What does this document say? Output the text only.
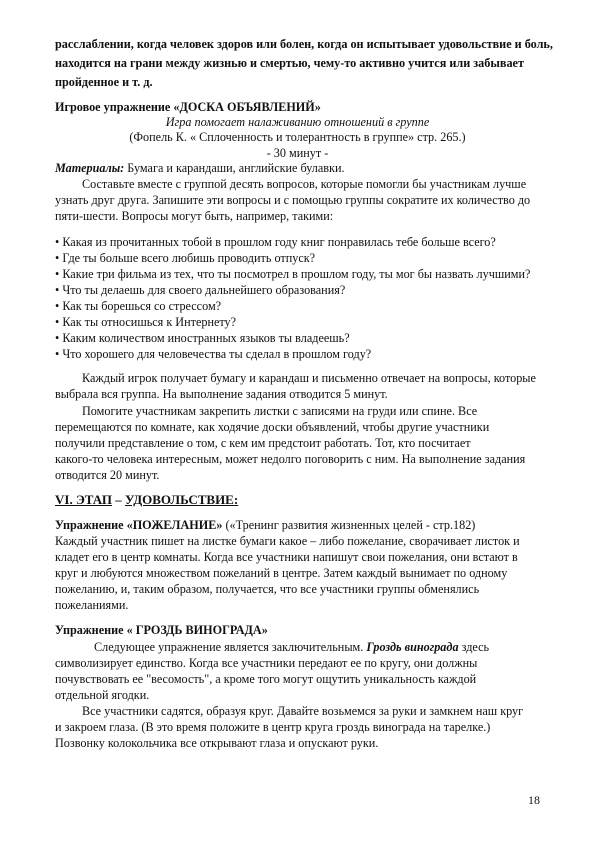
расслаблении, когда человек здоров или болен, когда он испытывает удовольствие и боль,
находится на грани между жизнью и смертью, чему-то активно учится или забывает
пройденное и т. д.
Игровое упражнение «ДОСКА ОБЪЯВЛЕНИЙ»
Игра помогает налаживанию отношений в группе
(Фопель К. « Сплоченность и толерантность в группе» стр. 265.)
- 30 минут -
Материалы: Бумага и карандаши, английские булавки.
Составьте вместе с группой десять вопросов, которые помогли бы участникам лучше
узнать друг друга. Запишите эти вопросы и с помощью группы сократите их количество до
пяти-шести. Вопросы могут быть, например, такими:
• Какая из прочитанных тобой в прошлом году книг понравилась тебе больше всего?
• Где ты больше всего любишь проводить отпуск?
• Какие три фильма из тех, что ты посмотрел в прошлом году, ты мог бы назвать лучшими?
• Что ты делаешь для своего дальнейшего образования?
• Как ты борешься со стрессом?
• Как ты относишься к Интернету?
• Каким количеством иностранных языков ты владеешь?
• Что хорошего для человечества ты сделал в прошлом году?
Каждый игрок получает бумагу и карандаш и письменно отвечает на вопросы, которые
выбрала вся группа. На выполнение задания отводится 5 минут.
Помогите участникам закрепить листки с записями на груди или спине. Все
перемещаются по комнате, как ходячие доски объявлений, чтобы другие участники
получили представление о том, с кем им предстоит работать. Тот, кто посчитает
какого-то человека интересным, может недолго поговорить с ним. На выполнение задания
отводится 20 минут.
VI. ЭТАП – УДОВОЛЬСТВИЕ:
Упражнение «ПОЖЕЛАНИЕ» («Тренинг развития жизненных целей - стр.182)
Каждый участник пишет на листке бумаги какое – либо пожелание, сворачивает листок и
кладет его в центр комнаты. Когда все участники напишут свои пожелания, они встают в
круг и любуются множеством пожеланий в центре. Затем каждый вынимает по одному
пожеланию, и, таким образом, получается, что все участники группы обменялись
пожеланиями.
Упражнение « ГРОЗДЬ ВИНОГРАДА»
Следующее упражнение является заключительным. Гроздь винограда здесь
символизирует единство. Когда все участники передают ее по кругу, они должны
почувствовать ее "весомость", а кроме того могут ощутить уникальность каждой
отдельной ягодки.
Все участники садятся, образуя круг. Давайте возьмемся за руки и замкнем наш круг
и закроем глаза. (В это время положите в центр круга гроздь винограда на тарелке.)
Позвонку колокольчика все открывают глаза и опускают руки.
18
